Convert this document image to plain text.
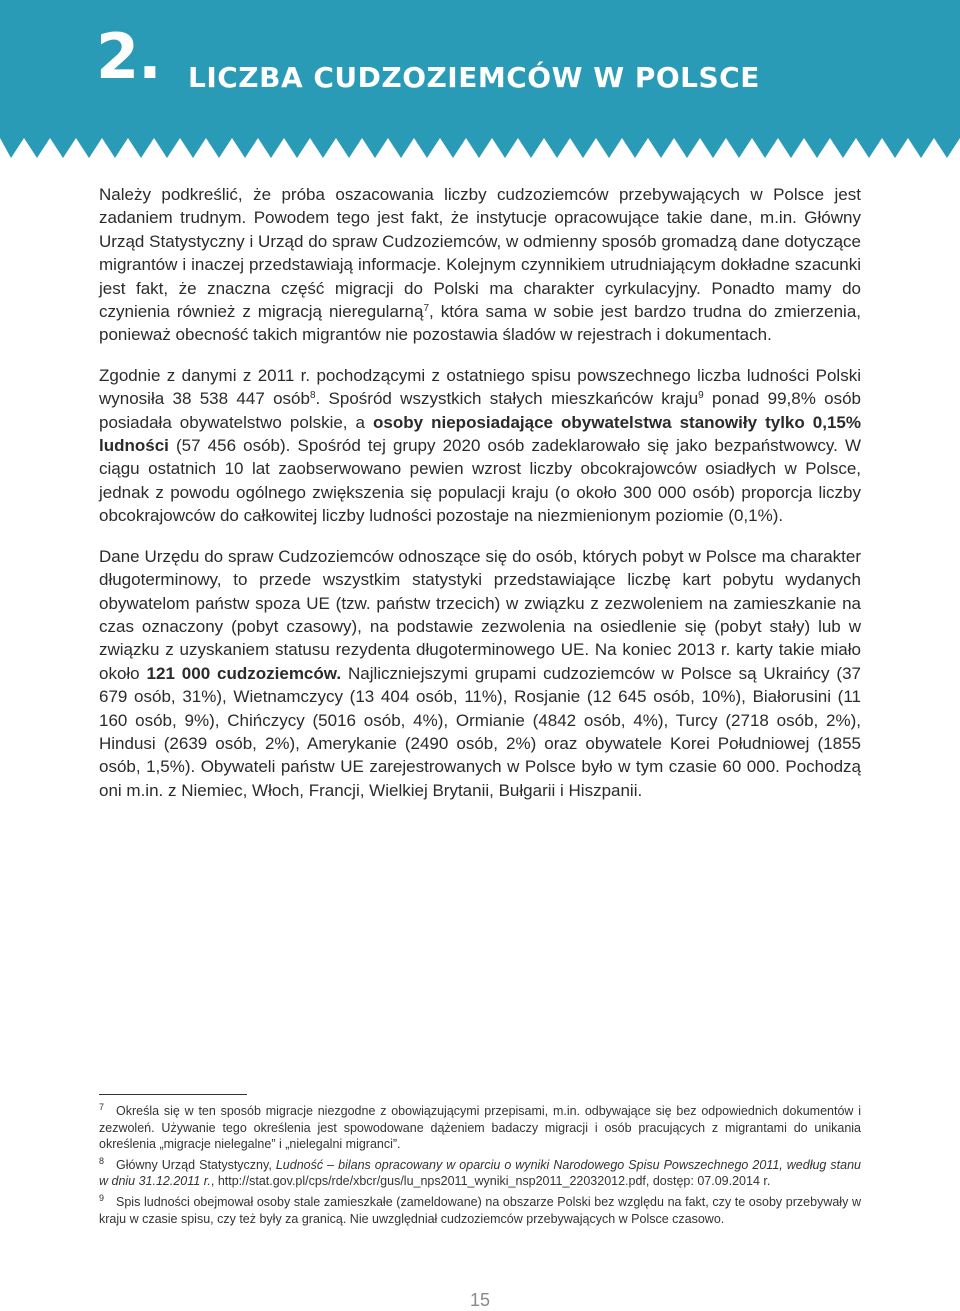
2. LICZBA CUDZOZIEMCÓW W POLSCE

Należy podkreślić, że próba oszacowania liczby cudzoziemców przebywających w Polsce jest zadaniem trudnym. Powodem tego jest fakt, że instytucje opracowujące takie dane, m.in. Główny Urząd Statystyczny i Urząd do spraw Cudzoziemców, w odmienny sposób gromadzą dane dotyczące migrantów i inaczej przedstawiają informacje. Kolejnym czynnikiem utrudniającym dokładne szacunki jest fakt, że znaczna część migracji do Polski ma charakter cyrkulacyjny. Ponadto mamy do czynienia również z migracją nieregularną$^7$, która sama w sobie jest bardzo trudna do zmierzenia, ponieważ obecność takich migrantów nie pozostawia śladów w rejestrach i dokumentach.

Zgodnie z danymi z 2011 r. pochodzącymi z ostatniego spisu powszechnego liczba ludności Polski wynosiła 38 538 447 osób$^8$. Spośród wszystkich stałych mieszkańców kraju$^9$ ponad 99,8% osób posiadała obywatelstwo polskie, a osoby nieposiadające obywatelstwa stanowiły tylko 0,15% ludności (57 456 osób). Spośród tej grupy 2020 osób zadeklarowało się jako bezpaństwowcy. W ciągu ostatnich 10 lat zaobserwowano pewien wzrost liczby obcokrajowców osiadłych w Polsce, jednak z powodu ogólnego zwiększenia się populacji kraju (o około 300 000 osób) proporcja liczby obcokrajowców do całkowitej liczby ludności pozostaje na niezmienionym poziomie (0,1%).

Dane Urzędu do spraw Cudzoziemców odnoszące się do osób, których pobyt w Polsce ma charakter długoterminowy, to przede wszystkim statystyki przedstawiające liczbę kart pobytu wydanych obywatelom państw spoza UE (tzw. państw trzecich) w związku z zezwoleniem na zamieszkanie na czas oznaczony (pobyt czasowy), na podstawie zezwolenia na osiedlenie się (pobyt stały) lub w związku z uzyskaniem statusu rezydenta długoterminowego UE. Na koniec 2013 r. karty takie miało około 121 000 cudzoziemców. Najliczniejszymi grupami cudzoziemców w Polsce są Ukraińcy (37 679 osób, 31%), Wietnamczycy (13 404 osób, 11%), Rosjanie (12 645 osób, 10%), Białorusini (11 160 osób, 9%), Chińczycy (5016 osób, 4%), Ormianie (4842 osób, 4%), Turcy (2718 osób, 2%), Hindusi (2639 osób, 2%), Amerykanie (2490 osób, 2%) oraz obywatele Korei Południowej (1855 osób, 1,5%). Obywateli państw UE zarejestrowanych w Polsce było w tym czasie 60 000. Pochodzą oni m.in. z Niemiec, Włoch, Francji, Wielkiej Brytanii, Bułgarii i Hiszpanii.

$^7$ Określa się w ten sposób migracje niezgodne z obowiązującymi przepisami, m.in. odbywające się bez odpowiednich dokumentów i zezwoleń. Używanie tego określenia jest spowodowane dążeniem badaczy migracji i osób pracujących z migrantami do unikania określenia „migracje nielegalne” i „nielegalni migranci”.
$^8$ Główny Urząd Statystyczny, Ludność – bilans opracowany w oparciu o wyniki Narodowego Spisu Powszechnego 2011, według stanu w dniu 31.12.2011 r., http://stat.gov.pl/cps/rde/xbcr/gus/lu_nps2011_wyniki_nsp2011_22032012.pdf, dostęp: 07.09.2014 r.
$^9$ Spis ludności obejmował osoby stale zamieszkałe (zameldowane) na obszarze Polski bez względu na fakt, czy te osoby przebywały w kraju w czasie spisu, czy też były za granicą. Nie uwzględniał cudzoziemców przebywających w Polsce czasowo.
15
